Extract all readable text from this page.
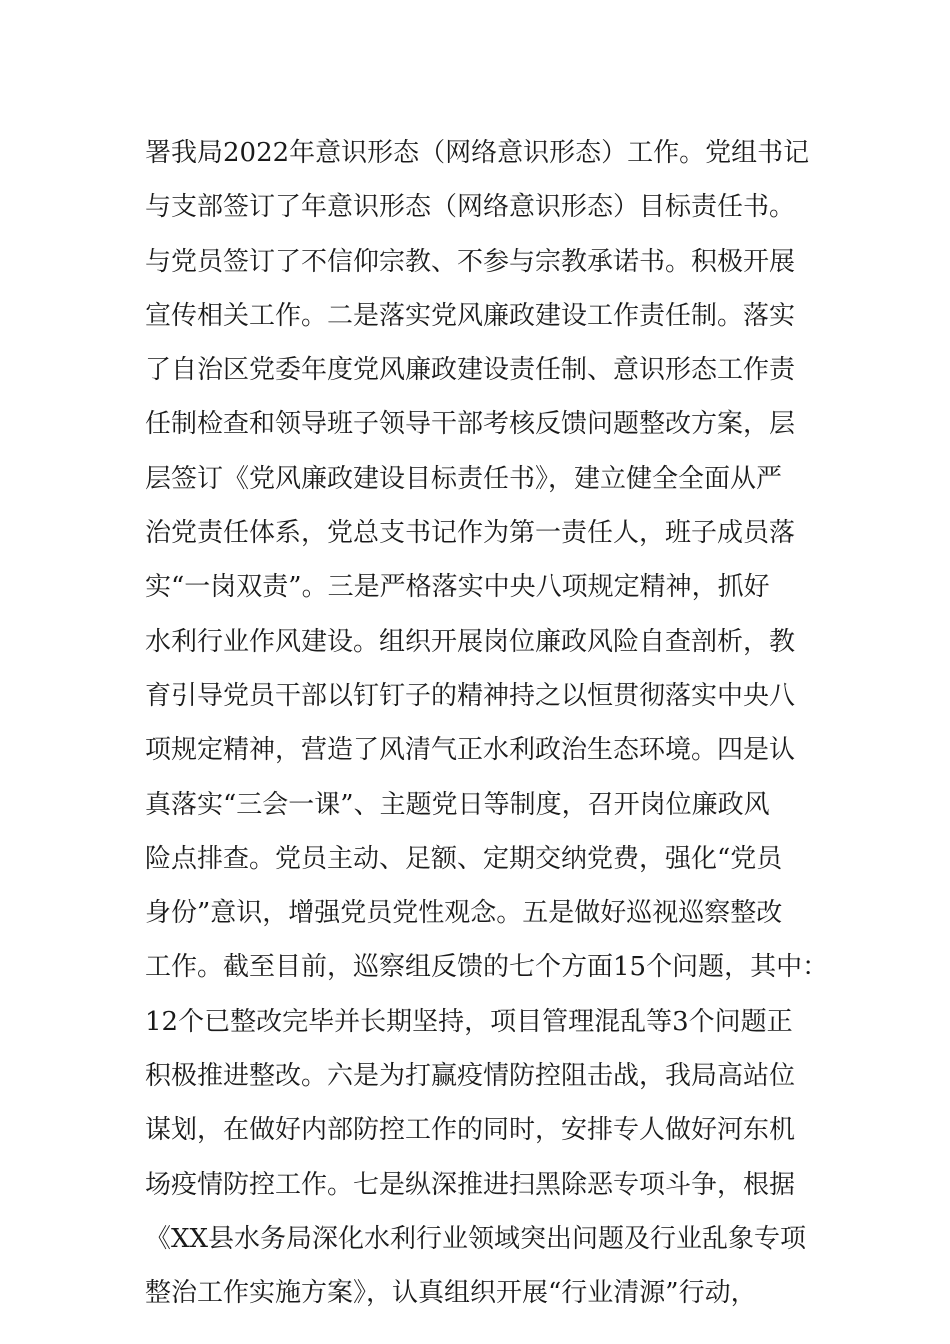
署我局2022年意识形态（网络意识形态）工作。党组书记
与支部签订了年意识形态（网络意识形态）目标责任书。
与党员签订了不信仰宗教、不参与宗教承诺书。积极开展
宣传相关工作。二是落实党风廉政建设工作责任制。落实
了自治区党委年度党风廉政建设责任制、意识形态工作责
任制检查和领导班子领导干部考核反馈问题整改方案，层
层签订《党风廉政建设目标责任书》，建立健全全面从严
治党责任体系，党总支书记作为第一责任人，班子成员落
实“一岗双责”。三是严格落实中央八项规定精神，抓好
水利行业作风建设。组织开展岗位廉政风险自查剖析，教
育引导党员干部以钉钉子的精神持之以恒贯彻落实中央八
项规定精神，营造了风清气正水利政治生态环境。四是认
真落实“三会一课”、主题党日等制度，召开岗位廉政风
险点排查。党员主动、足额、定期交纳党费，强化“党员
身份”意识，增强党员党性观念。五是做好巡视巡察整改
工作。截至目前，巡察组反馈的七个方面15个问题，其中：
12个已整改完毕并长期坚持，项目管理混乱等3个问题正
积极推进整改。六是为打赢疫情防控阻击战，我局高站位
谋划，在做好内部防控工作的同时，安排专人做好河东机
场疫情防控工作。七是纵深推进扫黑除恶专项斗争，根据
《XX县水务局深化水利行业领域突出问题及行业乱象专项
整治工作实施方案》，认真组织开展“行业清源”行动，
